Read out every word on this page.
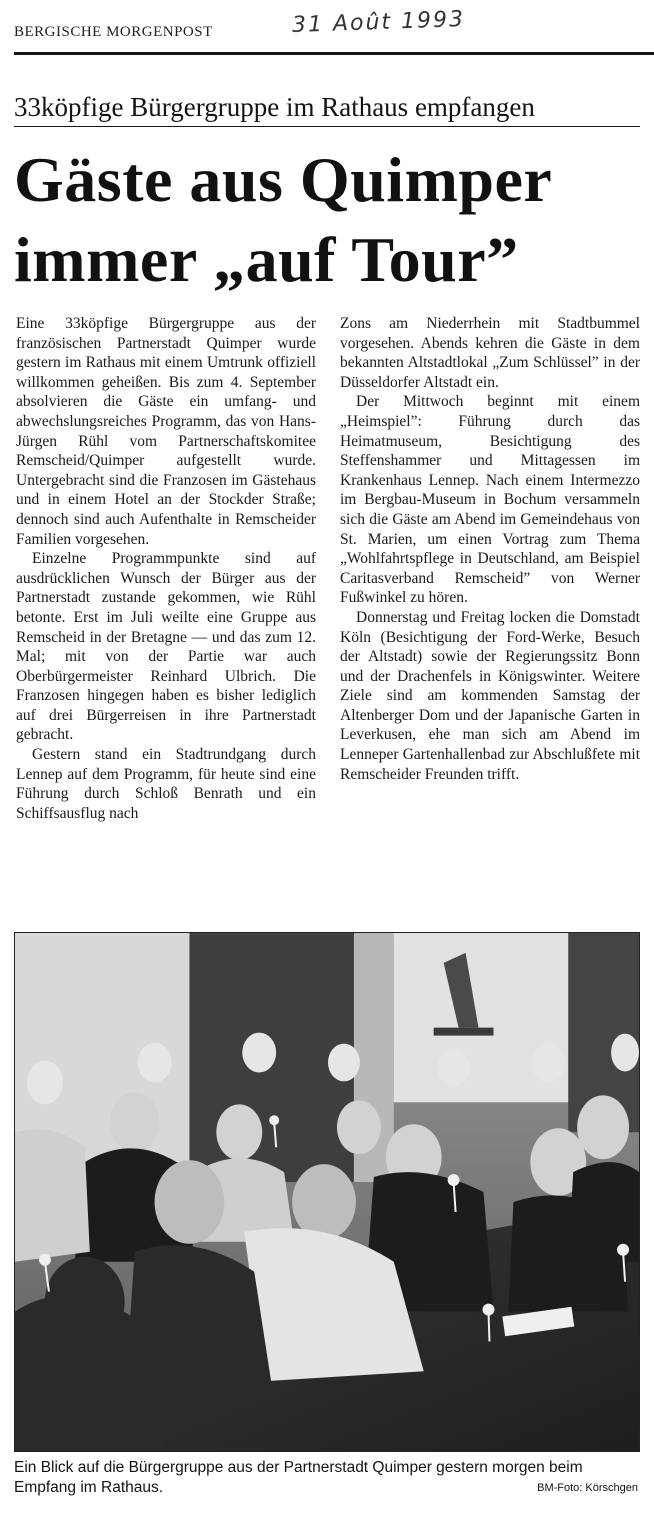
BERGISCHE MORGENPOST	31 Août 1993
33köpfige Bürgergruppe im Rathaus empfangen
Gäste aus Quimper
immer „auf Tour”

Eine 33köpfige Bürgergruppe aus der französischen Partnerstadt Quimper wurde gestern im Rathaus mit einem Umtrunk offiziell willkommen geheißen. Bis zum 4. September absolvieren die Gäste ein umfang- und abwechslungsreiches Programm, das von Hans-Jürgen Rühl vom Partnerschaftskomitee Remscheid/Quimper aufgestellt wurde. Untergebracht sind die Franzosen im Gästehaus und in einem Hotel an der Stockder Straße; dennoch sind auch Aufenthalte in Remscheider Familien vorgesehen.

Einzelne Programmpunkte sind auf ausdrücklichen Wunsch der Bürger aus der Partnerstadt zustande gekommen, wie Rühl betonte. Erst im Juli weilte eine Gruppe aus Remscheid in der Bretagne — und das zum 12. Mal; mit von der Partie war auch Oberbürgermeister Reinhard Ulbrich. Die Franzosen hingegen haben es bisher lediglich auf drei Bürgerreisen in ihre Partnerstadt gebracht.

Gestern stand ein Stadtrundgang durch Lennep auf dem Programm, für heute sind eine Führung durch Schloß Benrath und ein Schiffsausflug nach

Zons am Niederrhein mit Stadtbummel vorgesehen. Abends kehren die Gäste in dem bekannten Altstadtlokal „Zum Schlüssel” in der Düsseldorfer Altstadt ein.

Der Mittwoch beginnt mit einem „Heimspiel”: Führung durch das Heimatmuseum, Besichtigung des Steffenshammer und Mittagessen im Krankenhaus Lennep. Nach einem Intermezzo im Bergbau-Museum in Bochum versammeln sich die Gäste am Abend im Gemeindehaus von St. Marien, um einen Vortrag zum Thema „Wohlfahrtspflege in Deutschland, am Beispiel Caritasverband Remscheid” von Werner Fußwinkel zu hören.

Donnerstag und Freitag locken die Domstadt Köln (Besichtigung der Ford-Werke, Besuch der Altstadt) sowie der Regierungssitz Bonn und der Drachenfels in Königswinter. Weitere Ziele sind am kommenden Samstag der Altenberger Dom und der Japanische Garten in Leverkusen, ehe man sich am Abend im Lenneper Gartenhallenbad zur Abschlußfete mit Remscheider Freunden trifft.

Ein Blick auf die Bürgergruppe aus der Partnerstadt Quimper gestern morgen beim Empfang im Rathaus.	BM-Foto: Körschgen
